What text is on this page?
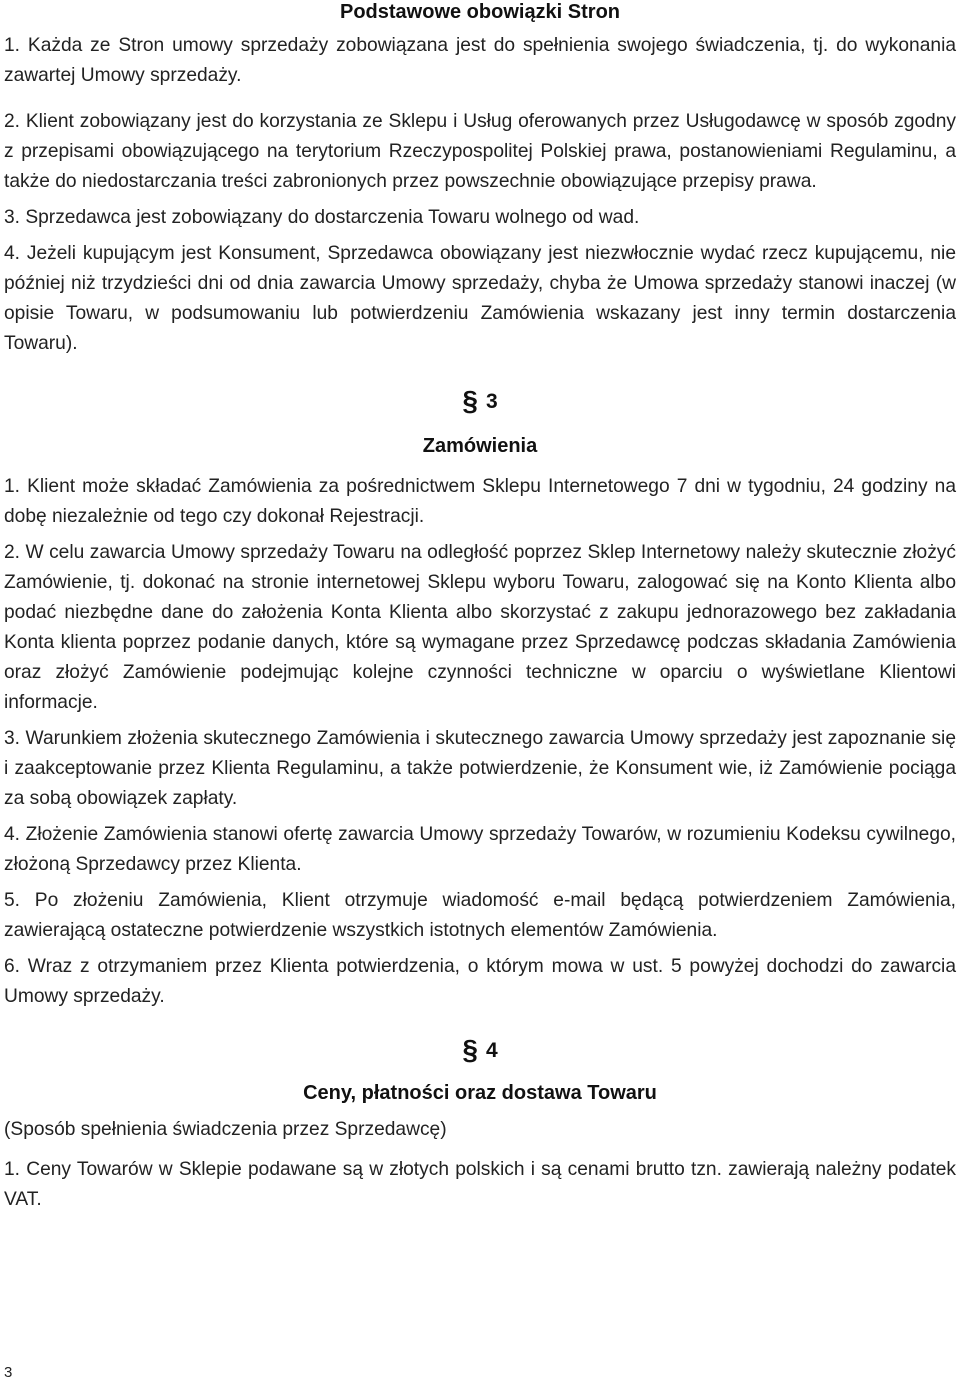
Podstawowe obowiązki Stron

1. Każda ze Stron umowy sprzedaży zobowiązana jest do spełnienia swojego świadczenia, tj. do wykonania zawartej Umowy sprzedaży.

2. Klient zobowiązany jest do korzystania ze Sklepu i Usług oferowanych przez Usługodawcę w sposób zgodny z przepisami obowiązującego na terytorium Rzeczypospolitej Polskiej prawa, postanowieniami Regulaminu, a także do niedostarczania treści zabronionych przez powszechnie obowiązujące przepisy prawa.

3. Sprzedawca jest zobowiązany do dostarczenia Towaru wolnego od wad.

4. Jeżeli kupującym jest Konsument, Sprzedawca obowiązany jest niezwłocznie wydać rzecz kupującemu, nie później niż trzydzieści dni od dnia zawarcia Umowy sprzedaży, chyba że Umowa sprzedaży stanowi inaczej (w opisie Towaru, w podsumowaniu lub potwierdzeniu Zamówienia wskazany jest inny termin dostarczenia Towaru).

§ 3

Zamówienia

1. Klient może składać Zamówienia za pośrednictwem Sklepu Internetowego 7 dni w tygodniu, 24 godziny na dobę niezależnie od tego czy dokonał Rejestracji.

2. W celu zawarcia Umowy sprzedaży Towaru na odległość poprzez Sklep Internetowy należy skutecznie złożyć Zamówienie, tj. dokonać na stronie internetowej Sklepu wyboru Towaru, zalogować się na Konto Klienta albo podać niezbędne dane do założenia Konta Klienta albo skorzystać z zakupu jednorazowego bez zakładania Konta klienta poprzez podanie danych, które są wymagane przez Sprzedawcę podczas składania Zamówienia oraz złożyć Zamówienie podejmując kolejne czynności techniczne w oparciu o wyświetlane Klientowi informacje.

3. Warunkiem złożenia skutecznego Zamówienia i skutecznego zawarcia Umowy sprzedaży jest zapoznanie się i zaakceptowanie przez Klienta Regulaminu, a także potwierdzenie, że Konsument wie, iż Zamówienie pociąga za sobą obowiązek zapłaty.

4. Złożenie Zamówienia stanowi ofertę zawarcia Umowy sprzedaży Towarów, w rozumieniu Kodeksu cywilnego, złożoną Sprzedawcy przez Klienta.

5. Po złożeniu Zamówienia, Klient otrzymuje wiadomość e-mail będącą potwierdzeniem Zamówienia, zawierającą ostateczne potwierdzenie wszystkich istotnych elementów Zamówienia.

6. Wraz z otrzymaniem przez Klienta potwierdzenia, o którym mowa w ust. 5 powyżej dochodzi do zawarcia Umowy sprzedaży.

§ 4

Ceny, płatności oraz dostawa Towaru

(Sposób spełnienia świadczenia przez Sprzedawcę)

1. Ceny Towarów w Sklepie podawane są w złotych polskich i są cenami brutto tzn. zawierają należny podatek VAT.

3
